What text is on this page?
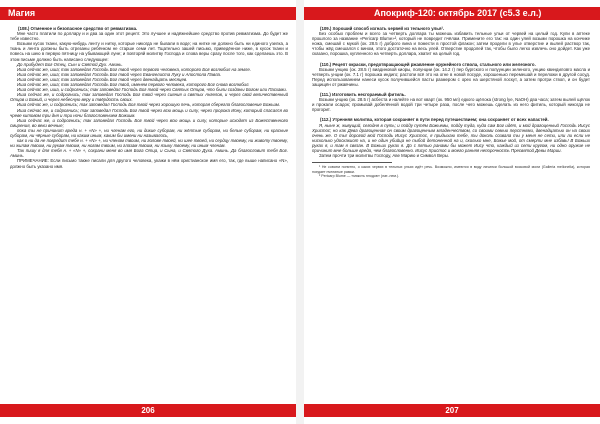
Магия

(108.) Отменное и безопасное средство от ревматизма.

Мне часто платили по доллару и и два за один этот рецепт. Это лучшее и надёжнейшее средство против ревматизма. До будет же тебе известно.

Возьми кусок ткани, какую-нибудь ленту и нитку, которые никогда не бывали в воде; на нитке не должно быть ни единого узелка, а ткань и лента должны быть отрезаны ребёнком не старше семи лет. Тщательно зашей письмо, приведённое ниже, в кусок ткани и повесь на шею в первую пятницу на убывающей луне; и повторяй молитву Господа и слова веры сразу после того, как сделаешь это. В этом письме должно быть написано следующее:

До прибудет Бог Отец, Сын и Святой Дух. Аминь.

Иша сейчас же, иша; так заповедал Господь Бог твой через первого человека, которого Бог возлюбил на земле.

Иша сейчас же, иша; так заповедал Господь Бог твой через Евангелиста Луку и Апостола Павла.

Иша сейчас же, иша; так заповедал Господь Бог твой через двенадцать месяцев.

Иша сейчас же, иша; так заповедал Господь Бог твой, именем первого человека, которого Бог снова возлюбил.

Иша сейчас же, иша, и содрогнись; так заповедал Господь Бог твой через Святых Отцов, что были созданы Богом или Пасхами.

Иша сейчас же, и содрогнись; так заповедал Господь Бог твой через сияния и святых Ангелов, и через свой величественный Отцов и Божий, и через небесную веру и твёрдость своих.

Иша сейчас же, и содрогнись; так заповедал Господь Бог твой через хорошую печь, которая сберегла благословение Божьим.

Иша сейчас же, и содрогнись; так заповедал Господь Бог твой через всю мощь и силу, через пророка Иону, который спасался во чреве китовом три дня и три ночи благословением Божиим.

Иша сейчас же, и содрогнись; так заповедал Господь Бог твой через всю мощь и силу, которые исходят из Божественного смирения, во веки вечные;

пока ты не причинит вреда н. + «N» +, ни членам его, ни дикие суборам, ни жёлтые суборам, ни белые суборам, ни красные суборам, ни чёрные суборам, ни каким иным, каким бы имени ни называлось,

как о ни да не повредит тебе н. + «N» +, ни членам твоим, ни голове твоей, ни шее твоей, ни сердцу твоему, ни животу твоему, ни жилам твоим, ни рукам твоим, ни ногам твоим, ни глазам твоим, ни языку твоему, ни иным членам.

Так пишу я для тебя н. + «N» +, сохрани меня во имя Бога Отца, и Сына, и Святого Духа. Аминь. Да благословит тебя Бог. Аминь.

ПРИМЕЧАНИЕ: Если письмо также писали для другого человека, укажи в нём христианское имя его, так, где выше написано «N», должно быть указано имя.

206
Апокриф-120: октябрь 2017 (с5.3 е.л.)

(109.) Хороший способ изгнать червей из тельного улья¹.

Без особых проблем и всего за четверть доллара ты можешь избавить тельные ульи от червей на целый год. Купи в аптеке прошлого за название «Pericarp Blume»², который не повредит пчёлам. Примените его так: на один улей возьми порошка на кончике ножа, смешай с мукой (ок. 28.5 г) доброго вина и помести в простой флакон; затем продели в улье отверстие и вылей раствор так, чтобы жёд смешался с вином, этого достаточно на весь улей. Отверстие продолей так, чтобы было легко извлечь оно дойдет. Как уже сказано, порошка, купленного на четверть доллара, хватит на целый год.

(110.) Рецепт окраски, предотвращающей ржавление оружейного ствола, стального или железного.

Возьми унцию (ок. 28.5 г) виадиновой киоры, полунции (ок. 14.2 г) пер бургского и полуунции зеленого, унцию квиндиловго масла и четверть унции (ок. 7.1 г) порошка индиго; растопи всё это на огне в новой посуде, хорошенько перемешай и переложи в другой сосуд. Перед использованием нанеси кусок получившейся пасты размером с орех на шерстяной лоскут, а затем протри ствол, и он будет защищён от ржавчины.

(111.) Изготовить несгораемый фитиль.

Возьми унцию (ок. 28.5 г) асбеста и налейте на вот кварт (ок. 950 мл) едкого щёлока (strong lye, NaOH) два часа; затем вылей щёлок и прокали осадок; промывай добелённой водой три четыре раза, после чего можешь сделать из него фитиль, который никогда не прогорит.

(112.) Утренняя молитва, которая сохраняет в пути перед путешествием; она сохраняет от всех напастей.

Я, ныне ж, живущий, сегодня в путь; и пойду путём Божьемы, пойду туда, куда сам Бог идёт, и мой драгоценный Господь Иисус Христос; но как Дева драгоценная он своим драгоценным младенчеством, со своими семью перстнями, двенадцатью он на своих очень же. О ты! дорогой мой Господь Иисус Христос, я придыхаю тебе, ты доколь созвала ты у меня не сети, или ли если не нисколько удоскакиот на, и не один убийца не пыбой детоненной на и, сколько мне, Божье мой, от смерти мне избавь! В Божьих руках я, и там я связан. В Божьих руках я. До с пятью ранами бы может Иису что, каждый из сети кругом, ни одно оружие не причинит мне больше вреда, чем благословенно. Иисус Христос и моего ранняя непорочность Пресвятой Девы Марии.

Затем прочти три молитвы Господу, Аве Марию и Символ Веры.

¹ Не совсем понятно, о каких червях в тельных ульях идёт речь. Возможно, имеются в виду личинки большой восковой моли (Galleria mellonella), которая поедает пчелиные рамки.

² Pericarp Blume — «мякоть плодов» (лат.-нем.).

207
